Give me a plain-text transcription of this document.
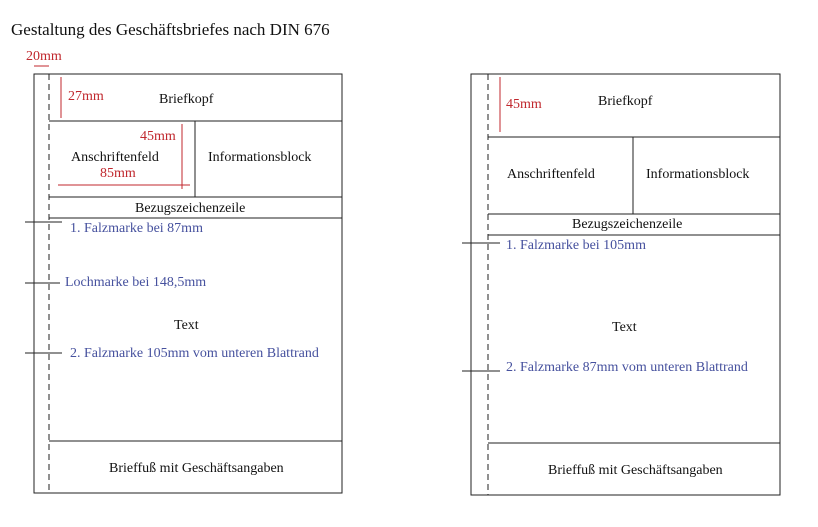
Gestaltung des Geschäftsbriefes nach DIN 676
20mm
27mm	Briefkopf
45mm
Anschriftenfeld
85mm
Informationsblock
Bezugszeichenzeile
1. Falzmarke bei 87mm
Lochmarke bei 148,5mm
Text
2. Falzmarke 105mm vom unteren Blattrand
Brieffuß mit Geschäftsangaben
45mm	Briefkopf
Anschriftenfeld	Informationsblock
Bezugszeichenzeile
1. Falzmarke bei 105mm
Text
2. Falzmarke 87mm vom unteren Blattrand
Brieffuß mit Geschäftsangaben
